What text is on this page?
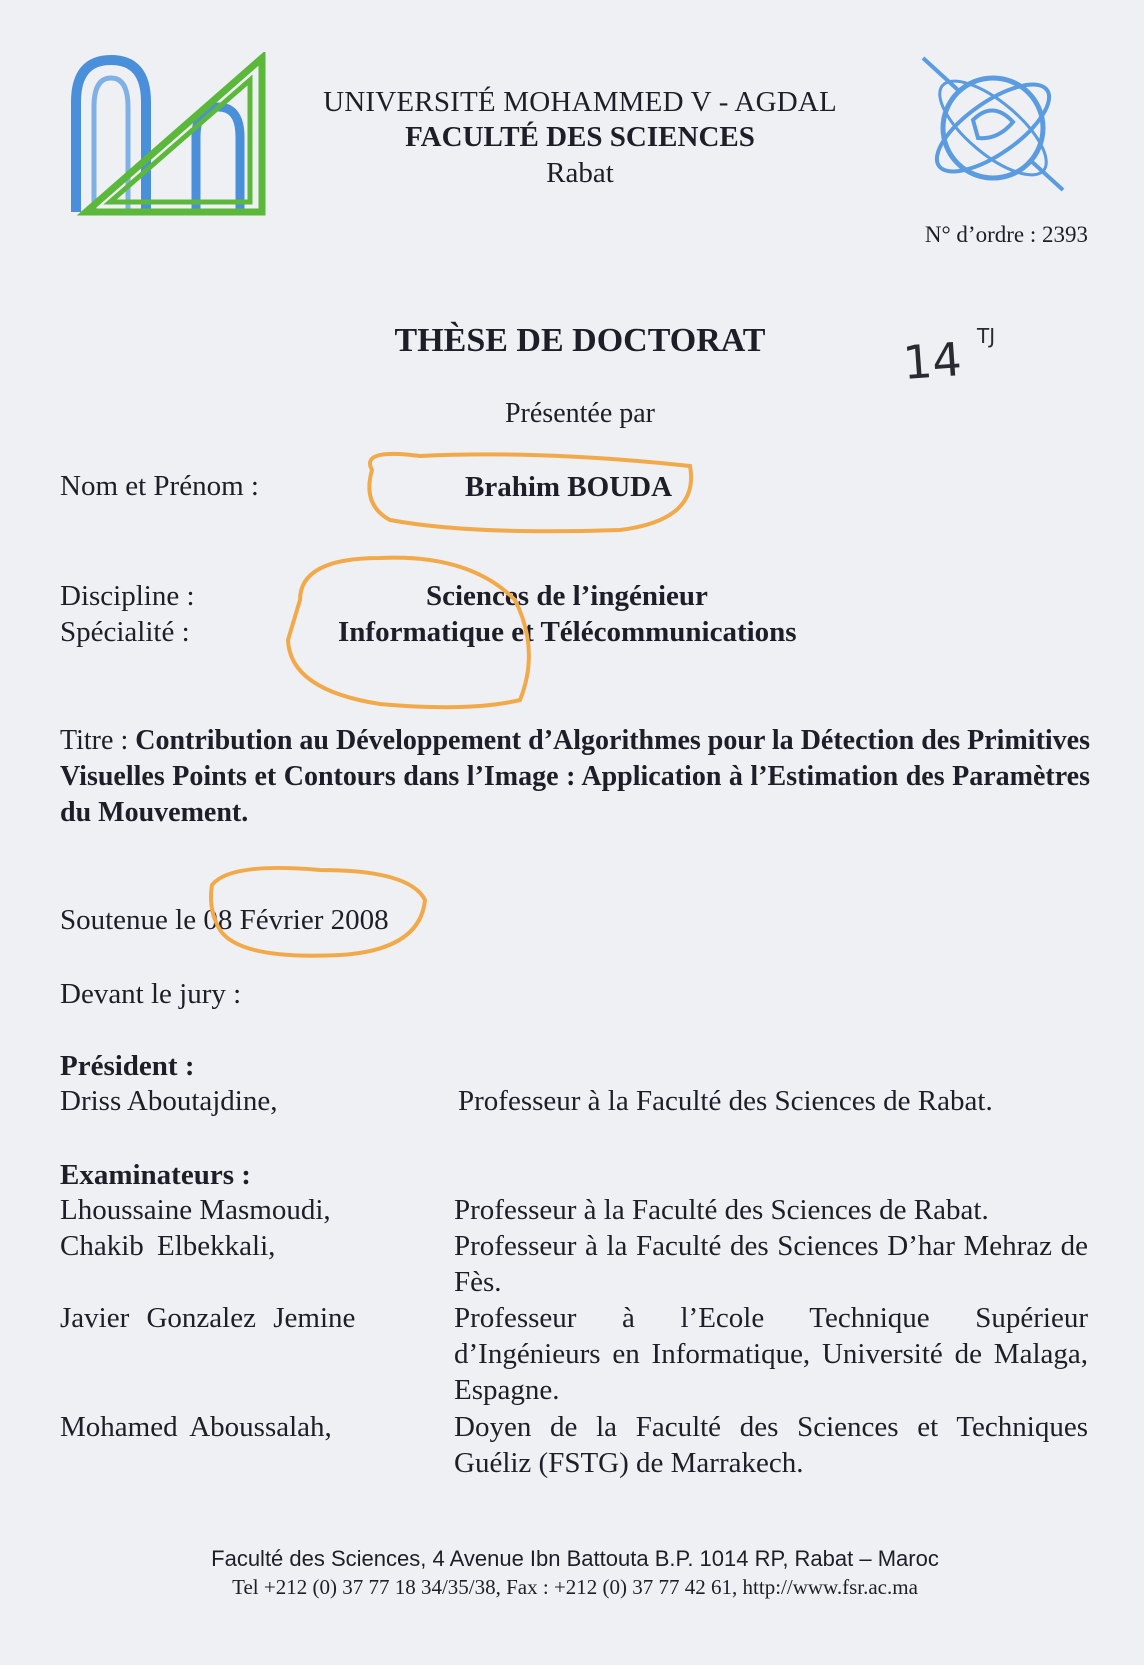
UNIVERSITÉ MOHAMMED V - AGDAL
FACULTÉ DES SCIENCES
Rabat
N° d’ordre : 2393
THÈSE DE DOCTORAT	14 TJ
Présentée par
Nom et Prénom :	Brahim BOUDA
Discipline :	Sciences de l’ingénieur
Spécialité :	Informatique et Télécommunications
Titre : Contribution au Développement d’Algorithmes pour la Détection des Primitives Visuelles Points et Contours dans l’Image : Application à l’Estimation des Paramètres du Mouvement.
Soutenue le 08 Février 2008
Devant le jury :
Président :
Driss Aboutajdine,	Professeur à la Faculté des Sciences de Rabat.
Examinateurs :
Lhoussaine Masmoudi,	Professeur à la Faculté des Sciences de Rabat.
Chakib Elbekkali,	Professeur à la Faculté des Sciences D’har Mehraz de Fès.
Javier Gonzalez Jemine	Professeur à l’Ecole Technique Supérieur d’Ingénieurs en Informatique, Université de Malaga, Espagne.
Mohamed Aboussalah,	Doyen de la Faculté des Sciences et Techniques Guéliz (FSTG) de Marrakech.
Faculté des Sciences, 4 Avenue Ibn Battouta B.P. 1014 RP, Rabat – Maroc
Tel +212 (0) 37 77 18 34/35/38, Fax : +212 (0) 37 77 42 61, http://www.fsr.ac.ma
